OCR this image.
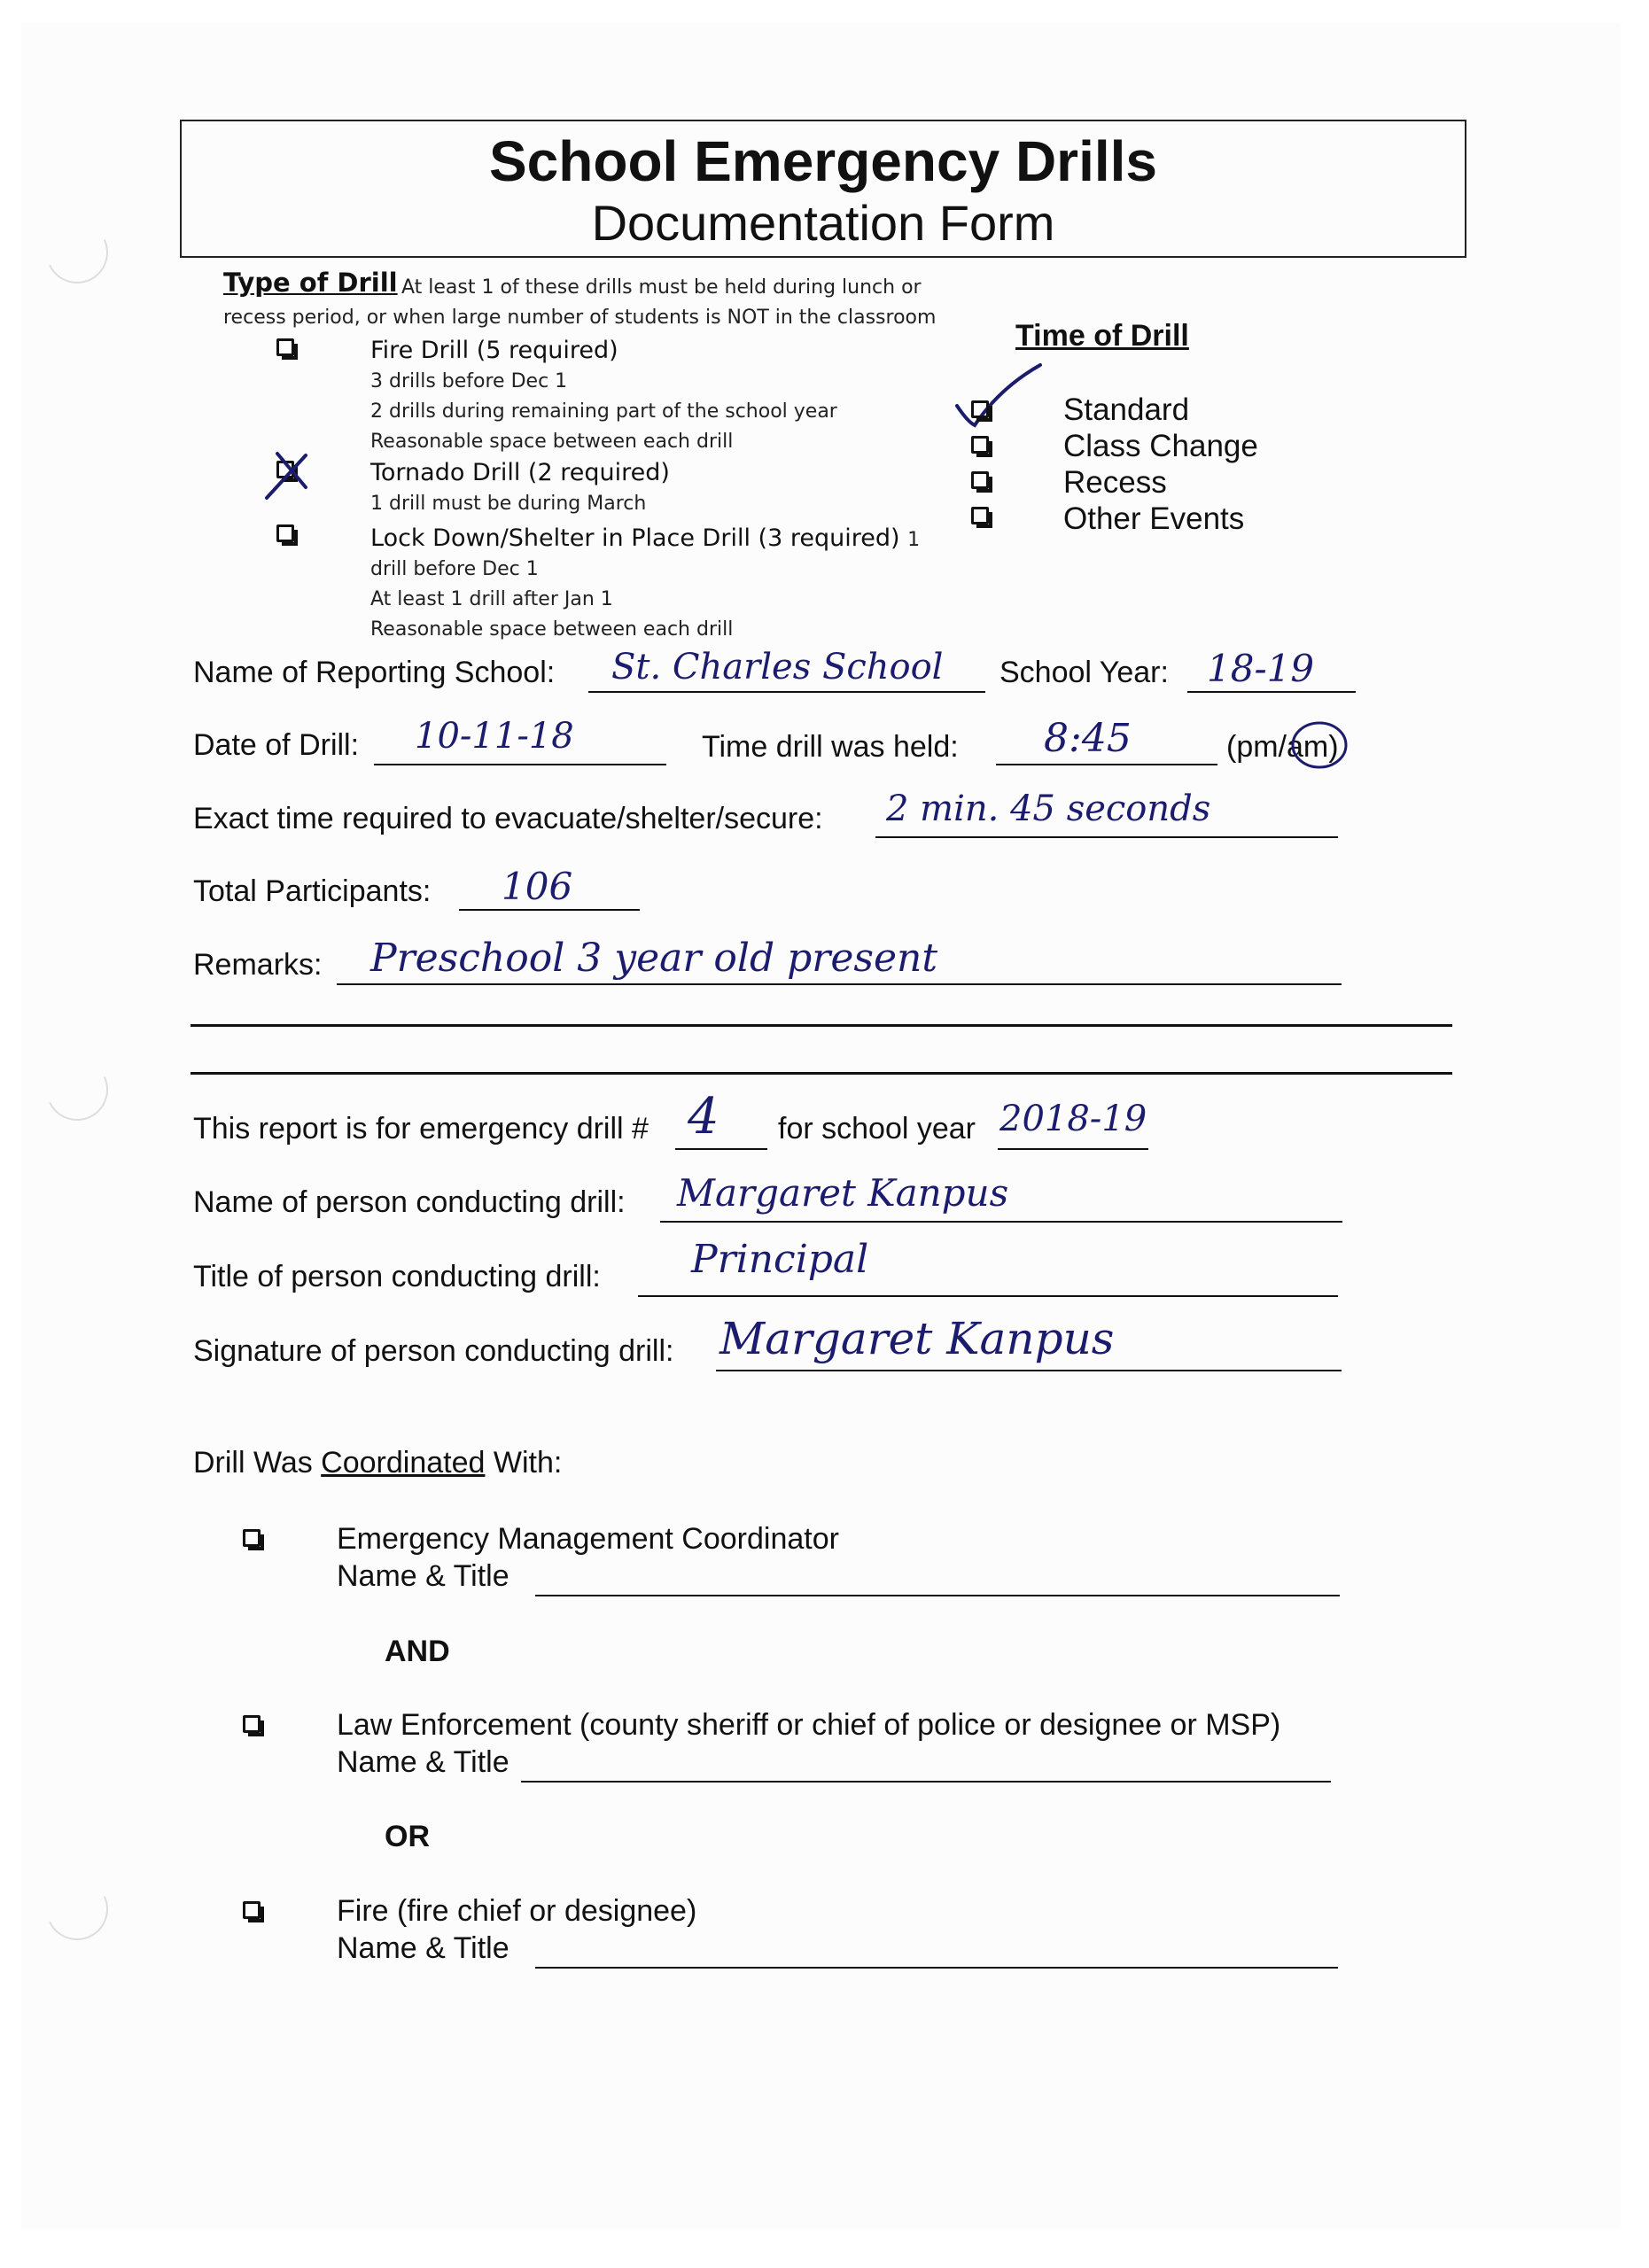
School Emergency Drills
Documentation Form
Type of Drill At least 1 of these drills must be held during lunch or
recess period, or when large number of students is NOT in the classroom
Fire Drill (5 required)
3 drills before Dec 1
2 drills during remaining part of the school year
Reasonable space between each drill
Tornado Drill (2 required)
1 drill must be during March
Lock Down/Shelter in Place Drill (3 required) 1
drill before Dec 1
At least 1 drill after Jan 1
Reasonable space between each drill
Time of Drill
Standard
Class Change
Recess
Other Events
Name of Reporting School: St. Charles School School Year: 18-19
Date of Drill: 10-11-18	Time drill was held: 8:45	(pm/am)
Exact time required to evacuate/shelter/secure: 2 min. 45 seconds
Total Participants: 106
Remarks: Preschool 3 year old present
This report is for emergency drill # 4 for school year 2018-19
Name of person conducting drill: Margaret Kanpus
Title of person conducting drill: Principal
Signature of person conducting drill: Margaret Kanpus
Drill Was Coordinated With:
Emergency Management Coordinator
Name & Title
AND
Law Enforcement (county sheriff or chief of police or designee or MSP)
Name & Title
OR
Fire (fire chief or designee)
Name & Title
